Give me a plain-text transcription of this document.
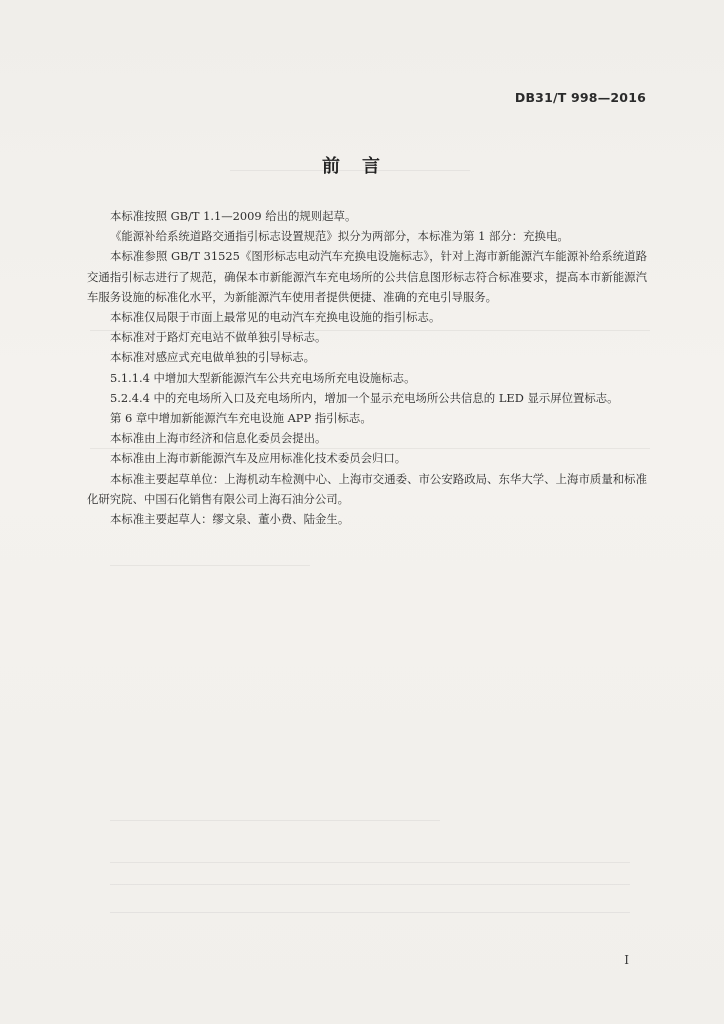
DB31/T 998—2016
前言

本标准按照 GB/T 1.1—2009 给出的规则起草。

《能源补给系统道路交通指引标志设置规范》拟分为两部分，本标准为第 1 部分：充换电。

本标准参照 GB/T 31525《图形标志电动汽车充换电设施标志》，针对上海市新能源汽车能源补给系统道路交通指引标志进行了规范，确保本市新能源汽车充电场所的公共信息图形标志符合标准要求，提高本市新能源汽车服务设施的标准化水平，为新能源汽车使用者提供便捷、准确的充电引导服务。

本标准仅局限于市面上最常见的电动汽车充换电设施的指引标志。

本标准对于路灯充电站不做单独引导标志。

本标准对感应式充电做单独的引导标志。

5.1.1.4 中增加大型新能源汽车公共充电场所充电设施标志。

5.2.4.4 中的充电场所入口及充电场所内，增加一个显示充电场所公共信息的 LED 显示屏位置标志。

第 6 章中增加新能源汽车充电设施 APP 指引标志。

本标准由上海市经济和信息化委员会提出。

本标准由上海市新能源汽车及应用标准化技术委员会归口。

本标准主要起草单位：上海机动车检测中心、上海市交通委、市公安路政局、东华大学、上海市质量和标准化研究院、中国石化销售有限公司上海石油分公司。

本标准主要起草人：缪文泉、董小费、陆金生。

I
